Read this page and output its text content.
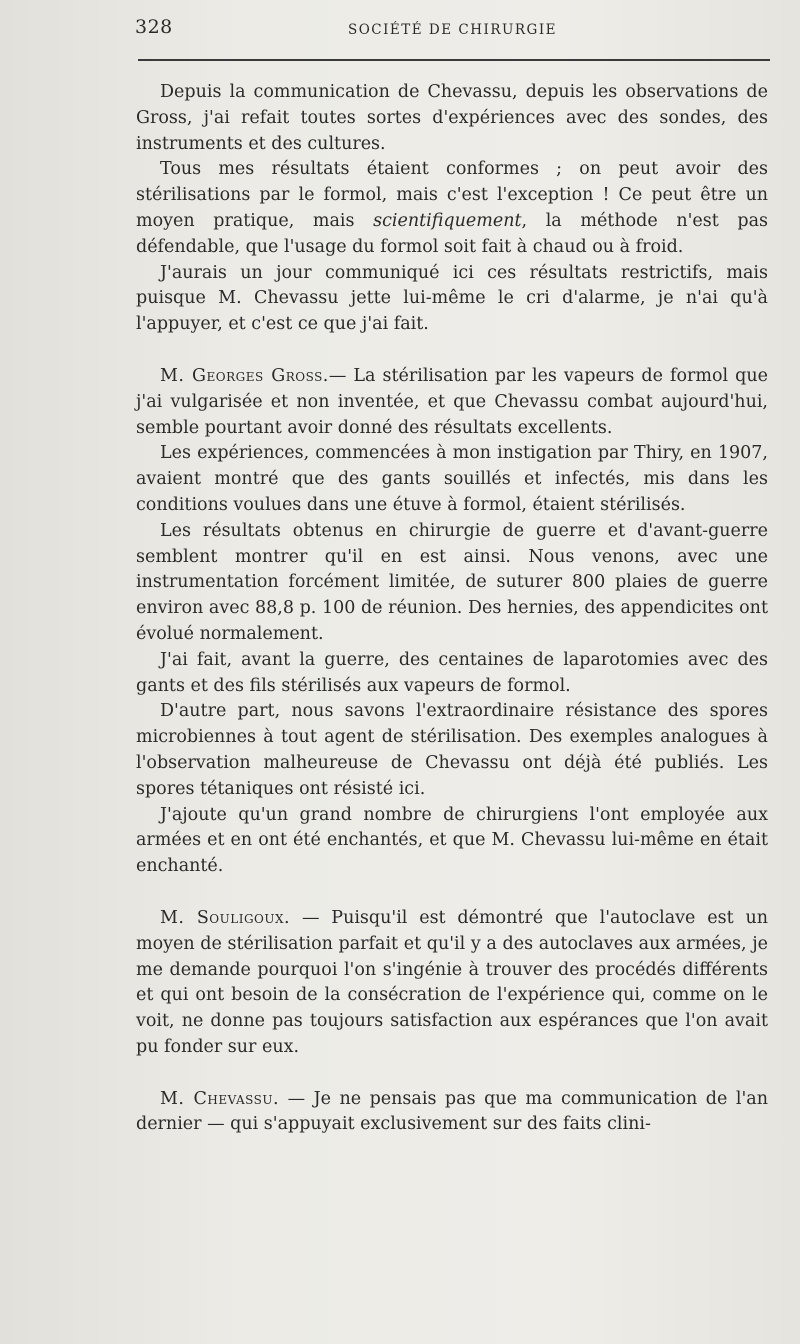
328	SOCIÉTÉ DE CHIRURGIE

Depuis la communication de Chevassu, depuis les observations de Gross, j'ai refait toutes sortes d'expériences avec des sondes, des instruments et des cultures.

Tous mes résultats étaient conformes ; on peut avoir des stérilisations par le formol, mais c'est l'exception ! Ce peut être un moyen pratique, mais scientifiquement, la méthode n'est pas défendable, que l'usage du formol soit fait à chaud ou à froid.

J'aurais un jour communiqué ici ces résultats restrictifs, mais puisque M. Chevassu jette lui-même le cri d'alarme, je n'ai qu'à l'appuyer, et c'est ce que j'ai fait.

M. Georges Gross.— La stérilisation par les vapeurs de formol que j'ai vulgarisée et non inventée, et que Chevassu combat aujourd'hui, semble pourtant avoir donné des résultats excellents.

Les expériences, commencées à mon instigation par Thiry, en 1907, avaient montré que des gants souillés et infectés, mis dans les conditions voulues dans une étuve à formol, étaient stérilisés.

Les résultats obtenus en chirurgie de guerre et d'avant-guerre semblent montrer qu'il en est ainsi. Nous venons, avec une instrumentation forcément limitée, de suturer 800 plaies de guerre environ avec 88,8 p. 100 de réunion. Des hernies, des appendicites ont évolué normalement.

J'ai fait, avant la guerre, des centaines de laparotomies avec des gants et des fils stérilisés aux vapeurs de formol.

D'autre part, nous savons l'extraordinaire résistance des spores microbiennes à tout agent de stérilisation. Des exemples analogues à l'observation malheureuse de Chevassu ont déjà été publiés. Les spores tétaniques ont résisté ici.

J'ajoute qu'un grand nombre de chirurgiens l'ont employée aux armées et en ont été enchantés, et que M. Chevassu lui-même en était enchanté.

M. Souligoux. — Puisqu'il est démontré que l'autoclave est un moyen de stérilisation parfait et qu'il y a des autoclaves aux armées, je me demande pourquoi l'on s'ingénie à trouver des procédés différents et qui ont besoin de la consécration de l'expérience qui, comme on le voit, ne donne pas toujours satisfaction aux espérances que l'on avait pu fonder sur eux.

M. Chevassu. — Je ne pensais pas que ma communication de l'an dernier — qui s'appuyait exclusivement sur des faits clini-
